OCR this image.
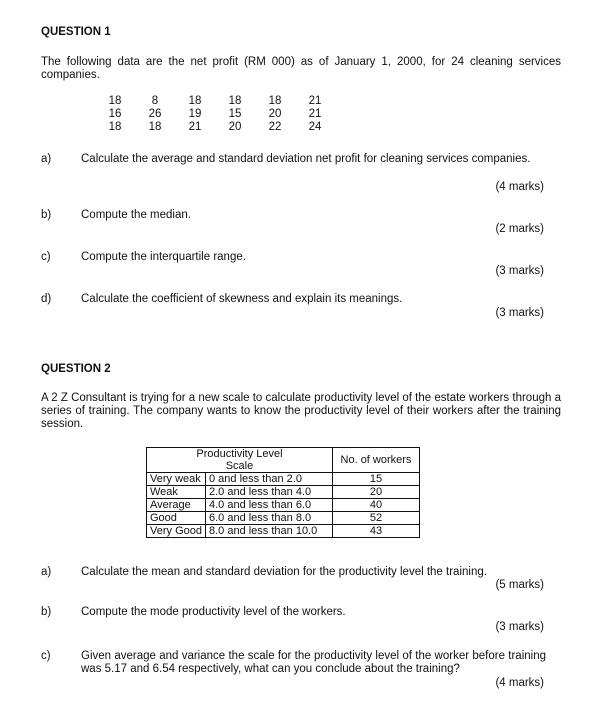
QUESTION 1
The following data are the net profit (RM 000) as of January 1, 2000, for 24 cleaning services companies.
18	8	18	18	18	21
16	26	19	15	20	21
18	18	21	20	22	24
a)	Calculate the average and standard deviation net profit for cleaning services companies.
(4 marks)
b)	Compute the median.
(2 marks)
c)	Compute the interquartile range.
(3 marks)
d)	Calculate the coefficient of skewness and explain its meanings.
(3 marks)
QUESTION 2
A 2 Z Consultant is trying for a new scale to calculate productivity level of the estate workers through a series of training. The company wants to know the productivity level of their workers after the training session.
Productivity Level
Scale		No. of workers
Very weak	0 and less than 2.0	15
Weak	2.0 and less than 4.0	20
Average	4.0 and less than 6.0	40
Good	6.0 and less than 8.0	52
Very Good	8.0 and less than 10.0	43
a)	Calculate the mean and standard deviation for the productivity level the training.
(5 marks)
b)	Compute the mode productivity level of the workers.
(3 marks)
c)	Given average and variance the scale for the productivity level of the worker before training was 5.17 and 6.54 respectively, what can you conclude about the training?
(4 marks)
